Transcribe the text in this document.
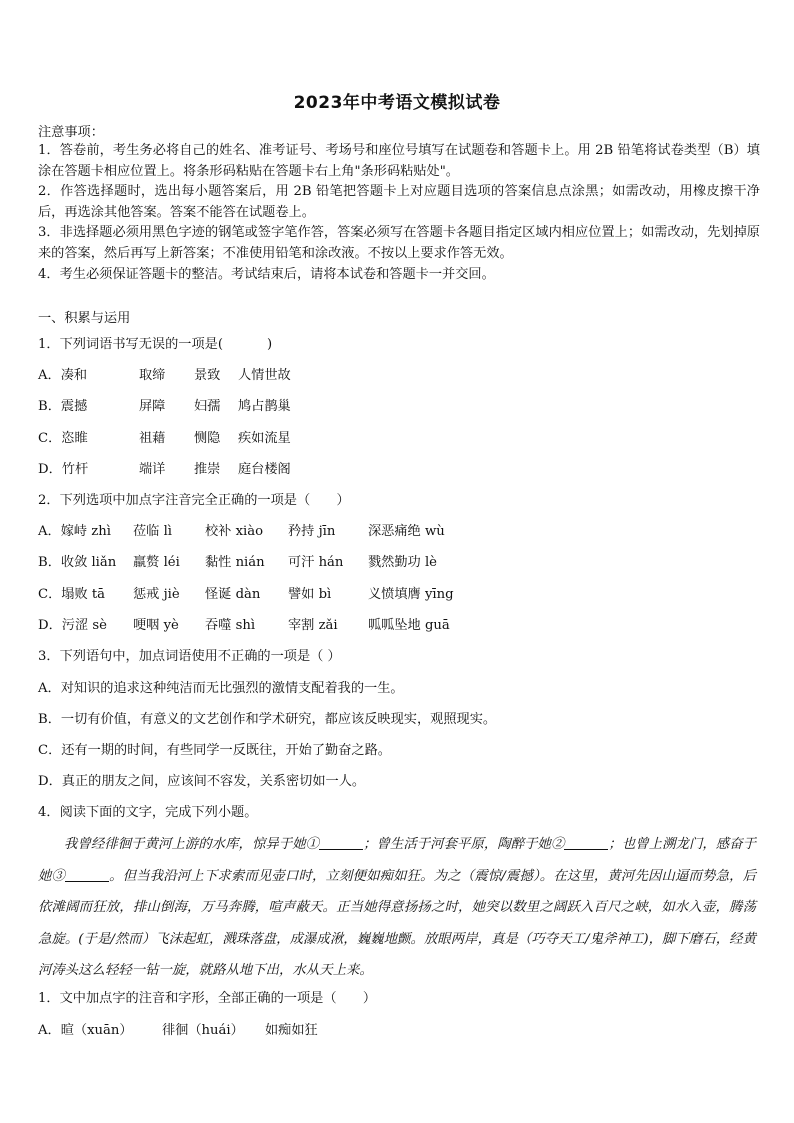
2023年中考语文模拟试卷
注意事项：

1．答卷前，考生务必将自己的姓名、准考证号、考场号和座位号填写在试题卷和答题卡上。用 2B 铅笔将试卷类型（B）填涂在答题卡相应位置上。将条形码粘贴在答题卡右上角"条形码粘贴处"。

2．作答选择题时，选出每小题答案后，用 2B 铅笔把答题卡上对应题目选项的答案信息点涂黑；如需改动，用橡皮擦干净后，再选涂其他答案。答案不能答在试题卷上。

3．非选择题必须用黑色字迹的钢笔或签字笔作答，答案必须写在答题卡各题目指定区域内相应位置上；如需改动，先划掉原来的答案，然后再写上新答案；不准使用铅笔和涂改液。不按以上要求作答无效。

4．考生必须保证答题卡的整洁。考试结束后，请将本试卷和答题卡一并交回。

一、积累与运用
1．下列词语书写无误的一项是(	)
A．凑和	取缔 景致 人情世故
B．震撼	屏障 妇孺 鸠占鹊巢
C．恣睢	祖藉 恻隐 疾如流星
D．竹杆	端详 推崇 庭台楼阁
2．下列选项中加点字注音完全正确的一项是（　　）
A．嫁峙 zhì 莅临 lì 校补 xiào 矜持 jīn 深恶痛绝 wù
B．收敛 liǎn 羸赘 léi 黏性 nián 可汗 hán 戮然勤功 lè
C．塌败 tā 惩戒 jiè 怪诞 dàn 譬如 bì	义愤填膺 yīng
D．污涩 sè 哽咽 yè 吞噬 shì 宰割 zǎi 呱呱坠地 guā
3．下列语句中，加点词语使用不正确的一项是（ ）
A．对知识的追求这种纯洁而无比强烈的激情支配着我的一生。
B．一切有价值，有意义的文艺创作和学术研究，都应该反映现实，观照现实。
C．还有一期的时间，有些同学一反既往，开始了勤奋之路。
D．真正的朋友之间，应该间不容发，关系密切如一人。
4．阅读下面的文字，完成下列小题。
我曾经徘徊于黄河上游的水库，惊异于她①	；曾生活于河套平原，陶醉于她②	；也曾上溯龙门，感奋于她③	。但当我沿河上下求索而见壶口时，立刻便如痴如狂。为之（震惊/震撼）。在这里，黄河先因山逼而势急，后依滩阔而狂放，排山倒海，万马奔腾，喧声蔽天。正当她得意扬扬之时，她突以数里之阔跃入百尺之峡，如水入壶，腾荡急旋。(于是/然而）飞沫起虹，溅珠落盘，成瀑成湫，巍巍地颤。放眼两岸，真是（巧夺天工/鬼斧神工)，脚下磨石，经黄河涛头这么轻轻一钻一旋，就路从地下出，水从天上来。
1．文中加点字的注音和字形，全部正确的一项是（　　）
A．暄（xuān） 徘徊（huái） 如痴如狂
